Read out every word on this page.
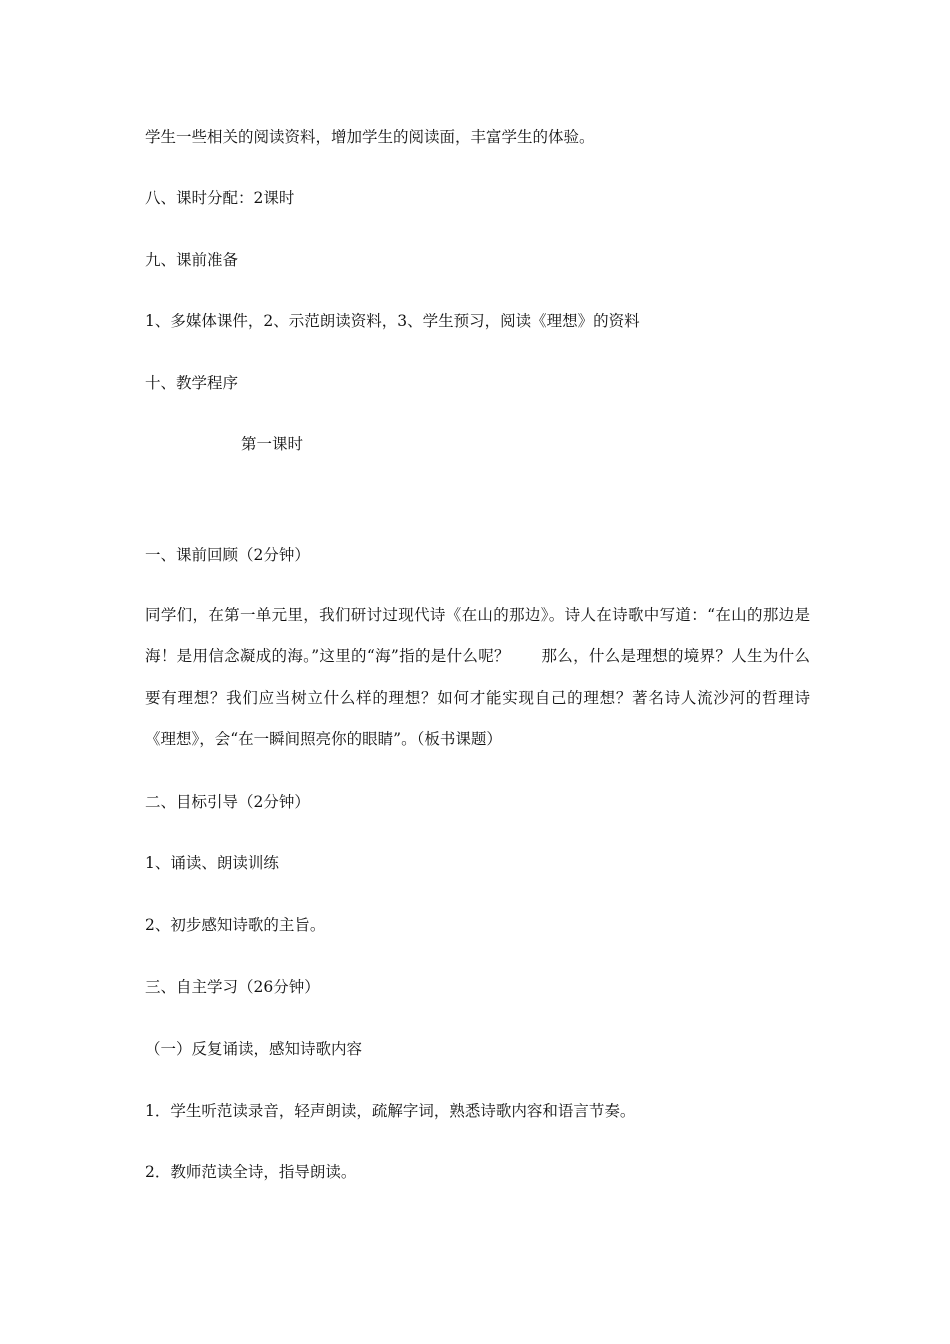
学生一些相关的阅读资料，增加学生的阅读面，丰富学生的体验。
八、课时分配：2课时
九、课前准备
1、多媒体课件，2、示范朗读资料，3、学生预习，阅读《理想》的资料
十、教学程序
第一课时
一、课前回顾（2分钟）
同学们，在第一单元里，我们研讨过现代诗《在山的那边》。诗人在诗歌中写道：“在山的那边是海！是用信念凝成的海。”这里的“海”指的是什么呢？　　那么，什么是理想的境界？人生为什么要有理想？我们应当树立什么样的理想？如何才能实现自己的理想？著名诗人流沙河的哲理诗《理想》，会“在一瞬间照亮你的眼睛”。（板书课题）
二、目标引导（2分钟）
1、诵读、朗读训练
2、初步感知诗歌的主旨。
三、自主学习（26分钟）
（一）反复诵读，感知诗歌内容
1．学生听范读录音，轻声朗读，疏解字词，熟悉诗歌内容和语言节奏。
2．教师范读全诗，指导朗读。
